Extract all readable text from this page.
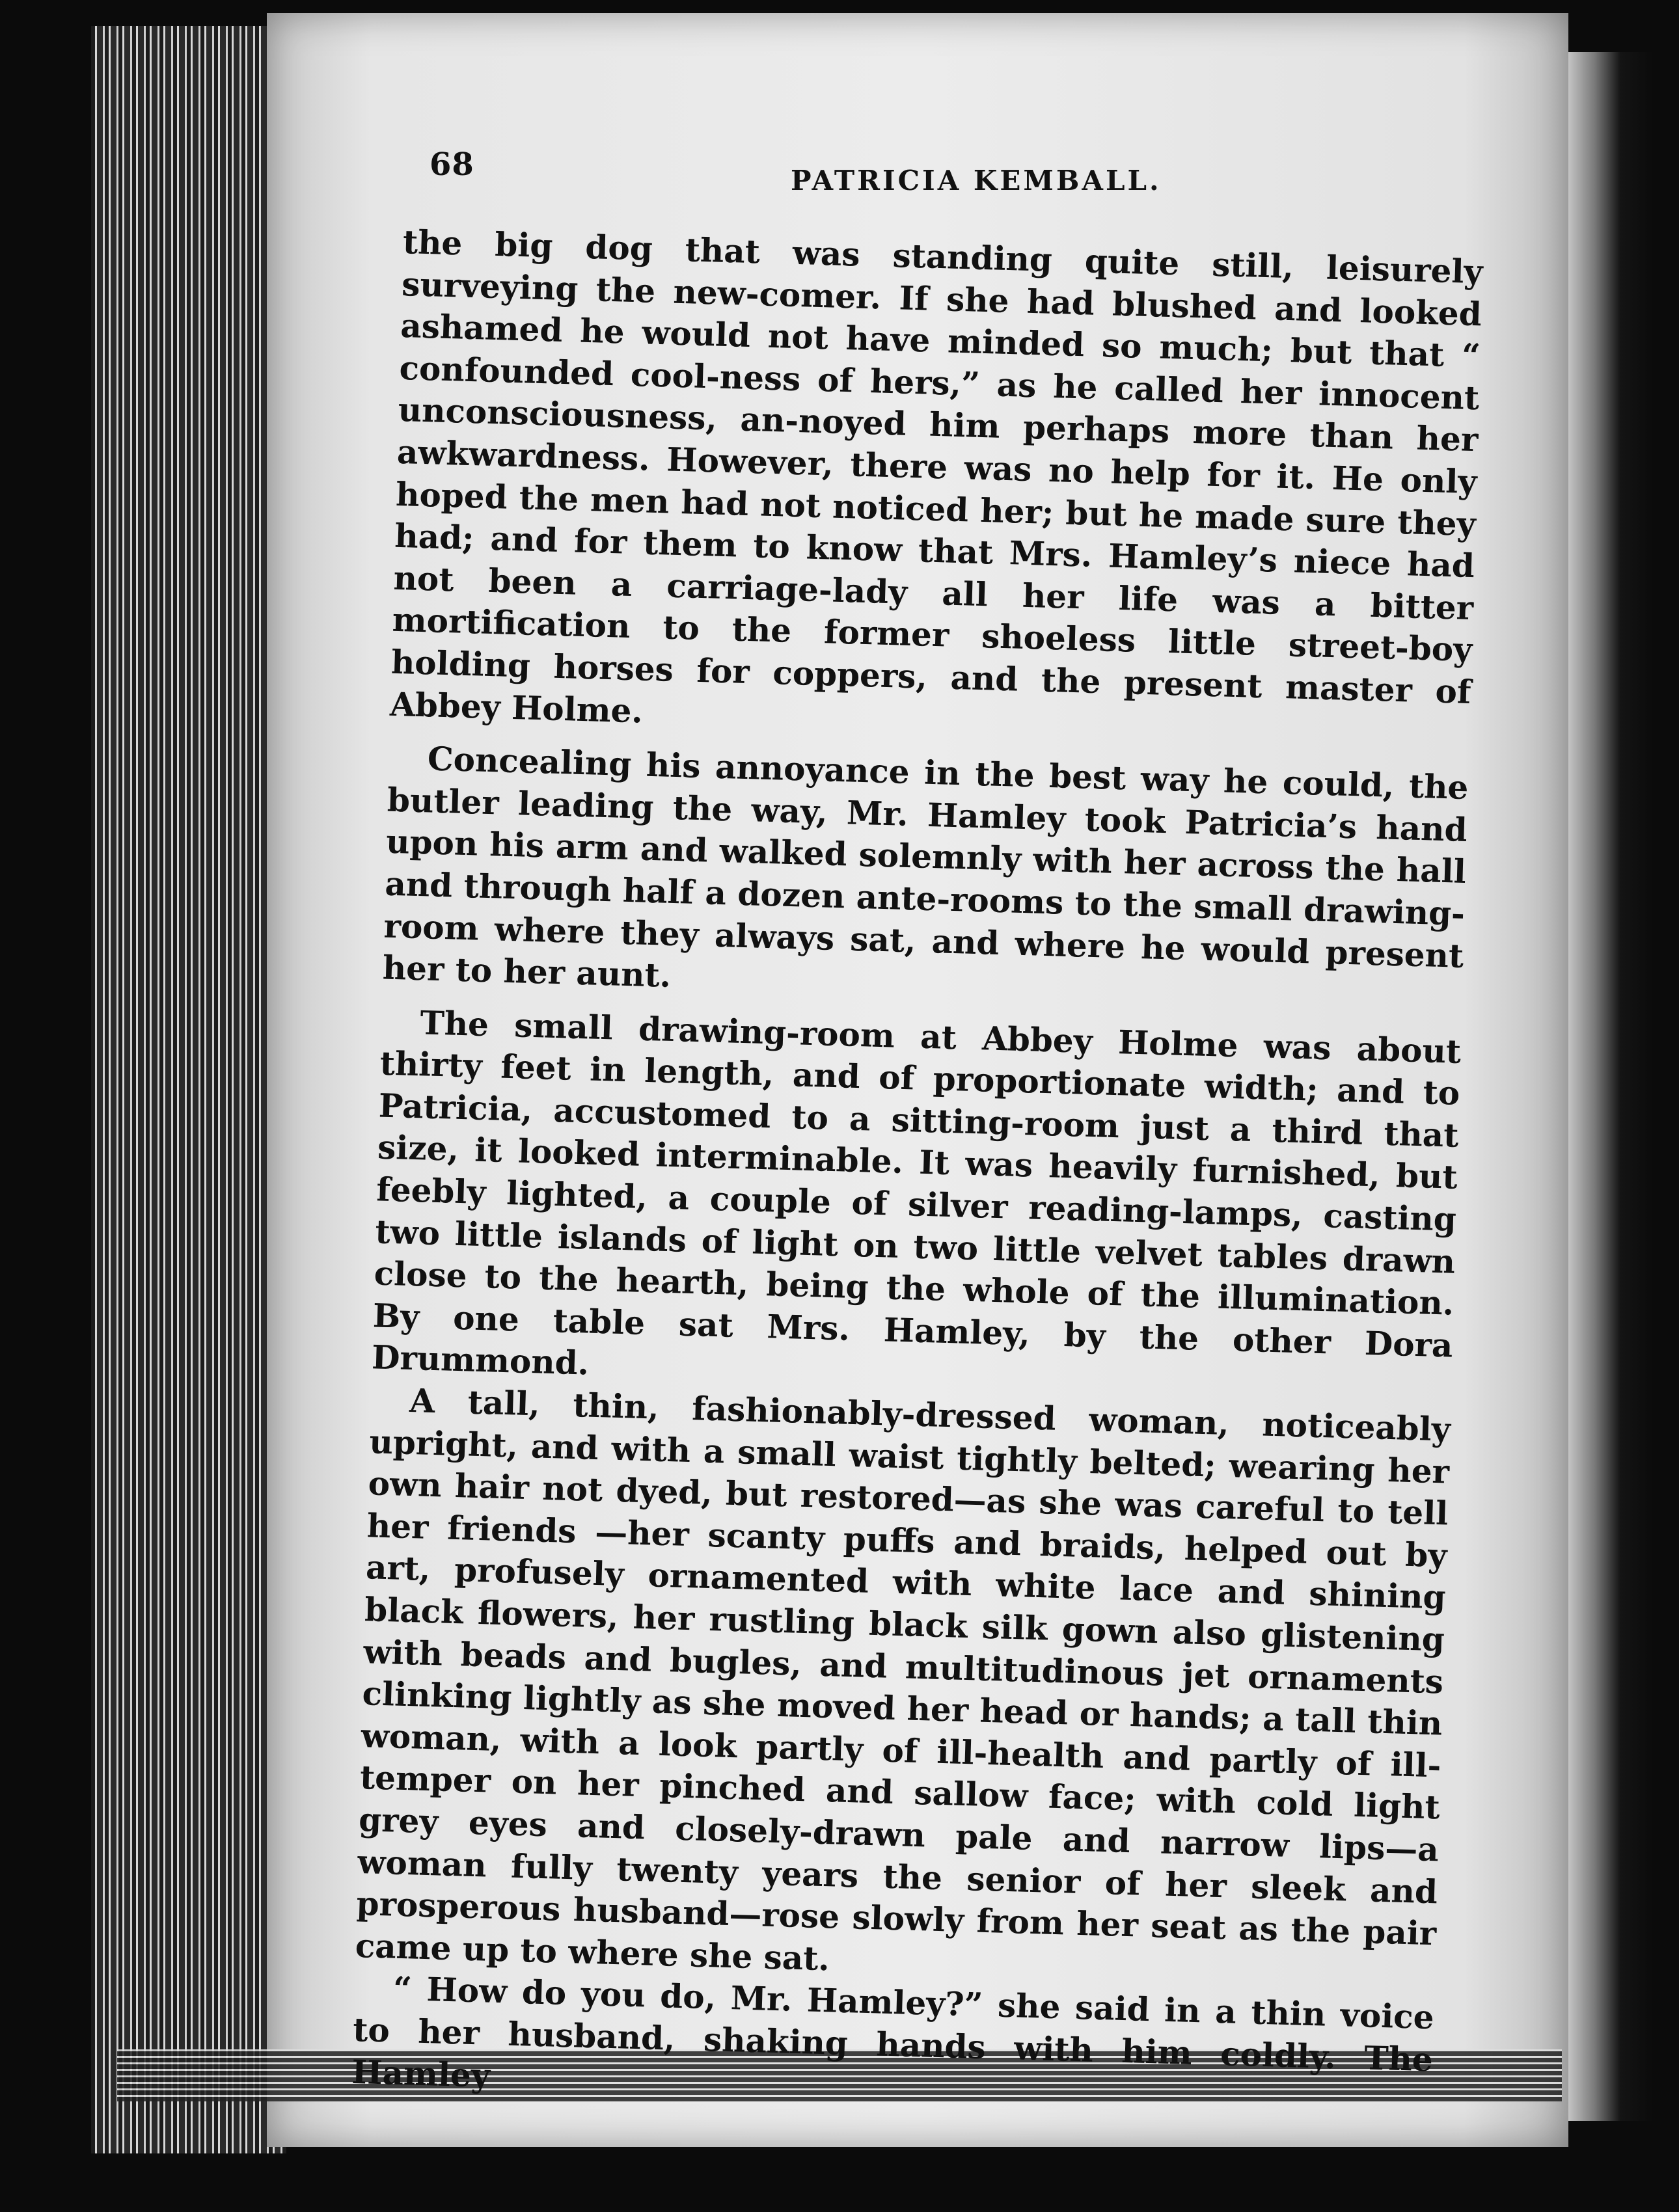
68	PATRICIA KEMBALL.

the big dog that was standing quite still, leisurely surveying the new-comer. If she had blushed and looked ashamed he would not have minded so much; but that “ confounded cool-ness of hers,” as he called her innocent unconsciousness, an-noyed him perhaps more than her awkwardness. However, there was no help for it. He only hoped the men had not noticed her; but he made sure they had; and for them to know that Mrs. Hamley’s niece had not been a carriage-lady all her life was a bitter mortification to the former shoeless little street-boy holding horses for coppers, and the present master of Abbey Holme.

Concealing his annoyance in the best way he could, the butler leading the way, Mr. Hamley took Patricia’s hand upon his arm and walked solemnly with her across the hall and through half a dozen ante-rooms to the small drawing-room where they always sat, and where he would present her to her aunt.

The small drawing-room at Abbey Holme was about thirty feet in length, and of proportionate width; and to Patricia, accustomed to a sitting-room just a third that size, it looked interminable. It was heavily furnished, but feebly lighted, a couple of silver reading-lamps, casting two little islands of light on two little velvet tables drawn close to the hearth, being the whole of the illumination. By one table sat Mrs. Hamley, by the other Dora Drummond.

A tall, thin, fashionably-dressed woman, noticeably upright, and with a small waist tightly belted; wearing her own hair not dyed, but restored—as she was careful to tell her friends —her scanty puffs and braids, helped out by art, profusely ornamented with white lace and shining black flowers, her rustling black silk gown also glistening with beads and bugles, and multitudinous jet ornaments clinking lightly as she moved her head or hands; a tall thin woman, with a look partly of ill-health and partly of ill-temper on her pinched and sallow face; with cold light grey eyes and closely-drawn pale and narrow lips—a woman fully twenty years the senior of her sleek and prosperous husband—rose slowly from her seat as the pair came up to where she sat.

“ How do you do, Mr. Hamley?” she said in a thin voice to her husband, shaking hands with him coldly. The Hamley
